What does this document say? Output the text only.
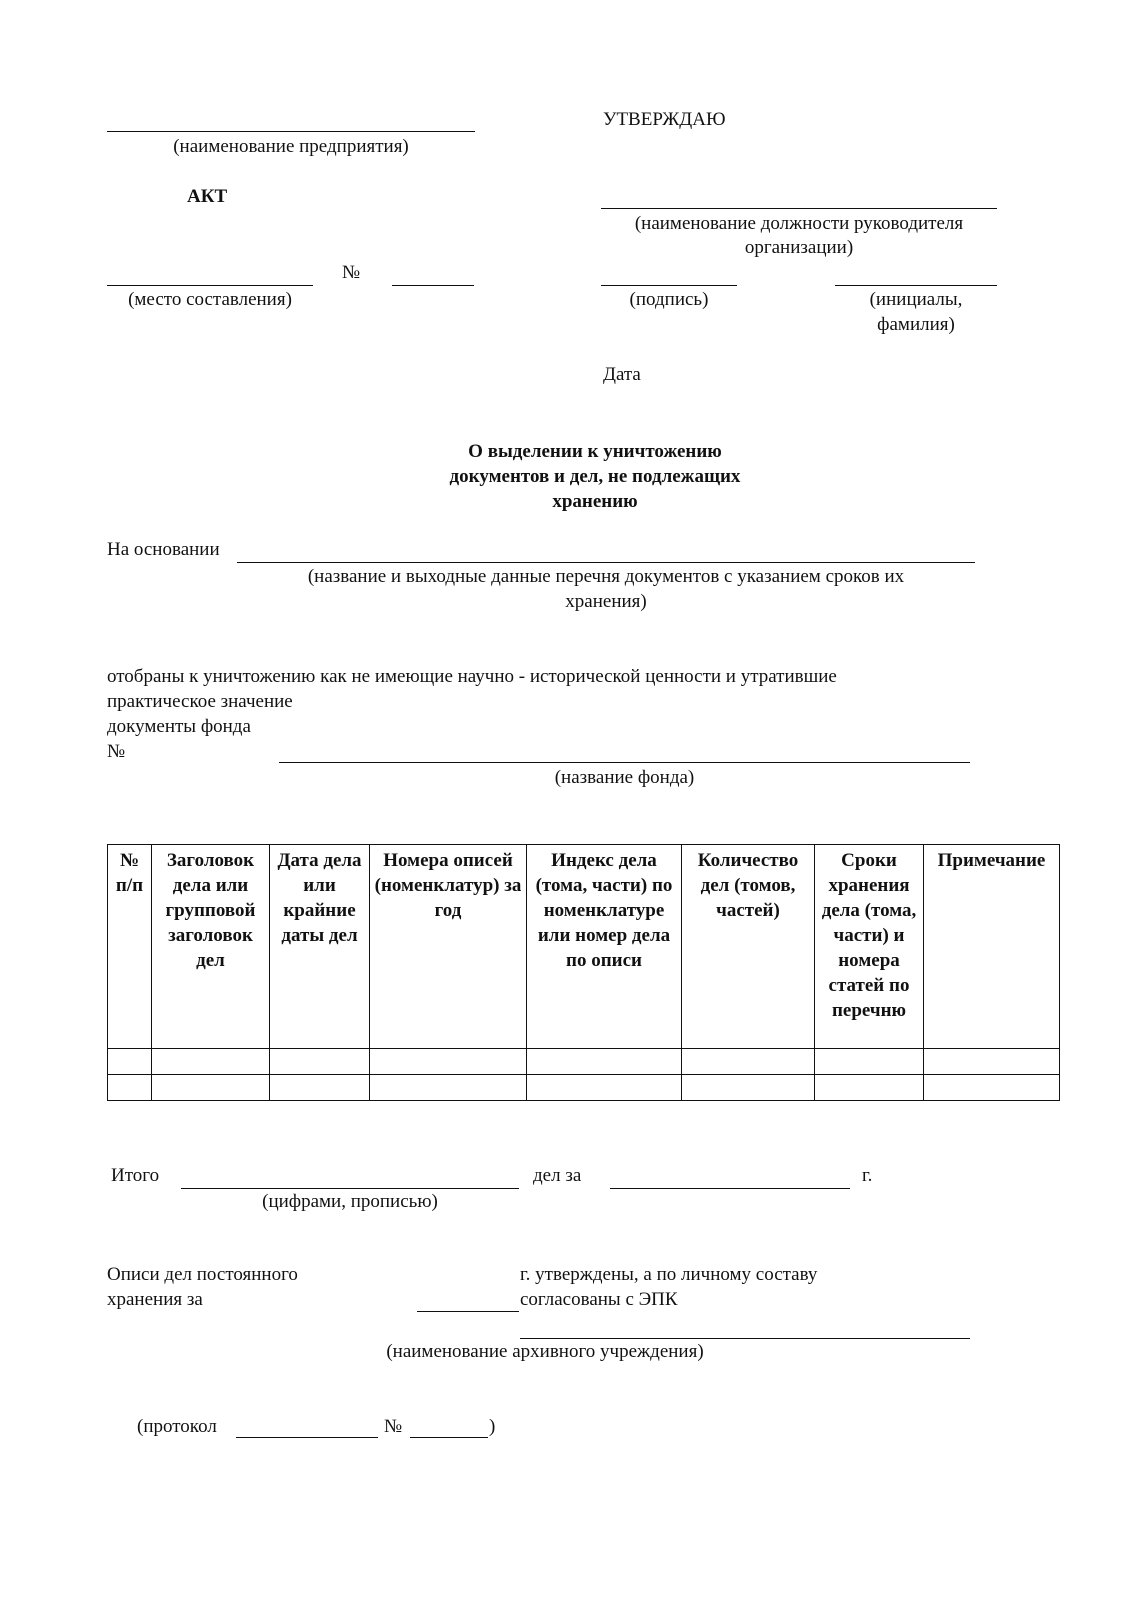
(наименование предприятия)
УТВЕРЖДАЮ
АКТ
(наименование должности руководителя
организации)
№
(место составления)	(подпись)	(инициалы,
фамилия)
Дата
О выделении к уничтожению
документов и дел, не подлежащих
хранению
На основании
(название и выходные данные перечня документов с указанием сроков их
хранения)
отобраны к уничтожению как не имеющие научно - исторической ценности и утратившие
практическое значение
документы фонда
№
(название фонда)
№ п/п	Заголовок дела или групповой заголовок дел	Дата дела или крайние даты дел	Номера описей (номенклатур) за год	Индекс дела (тома, части) по номенклатуре или номер дела по описи	Количество дел (томов, частей)	Сроки хранения дела (тома, части) и номера статей по перечню	Примечание

Итого	дел за	г.
(цифрами, прописью)
Описи дел постоянного
хранения за
г. утверждены, а по личному составу
согласованы с ЭПК
(наименование архивного учреждения)
(протокол	№	)
